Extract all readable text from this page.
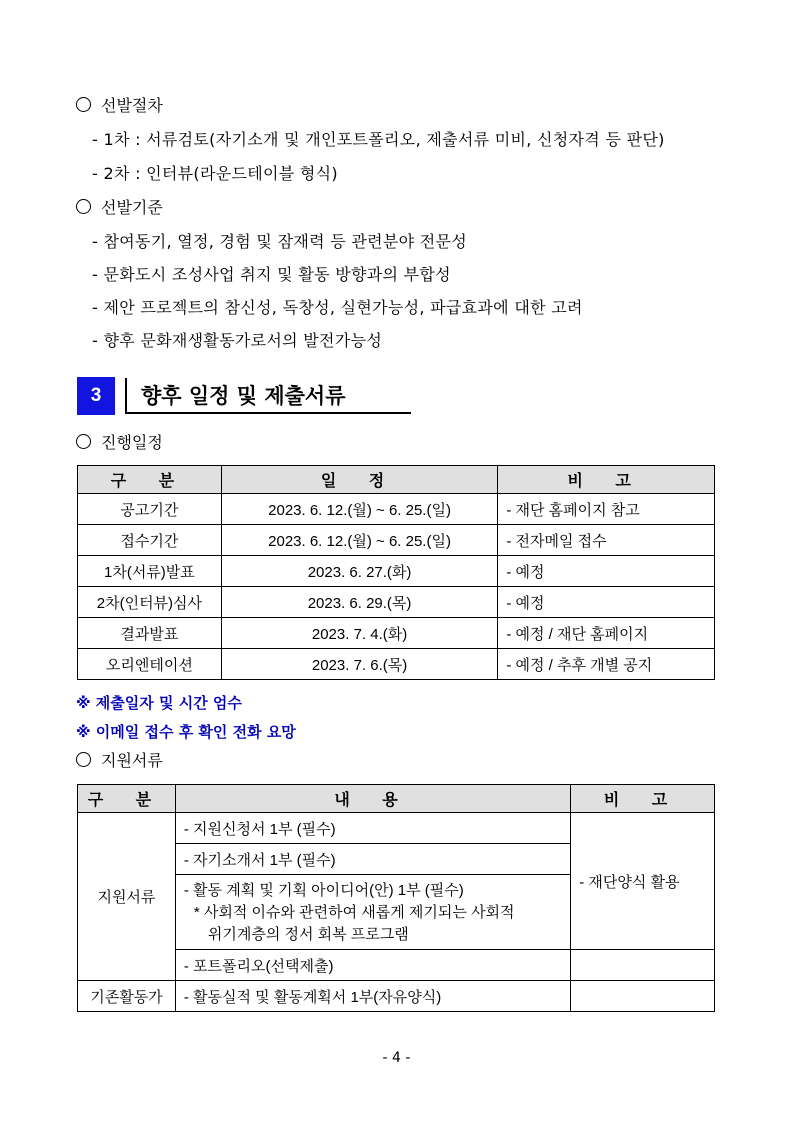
선발절차
- 1차 : 서류검토(자기소개 및 개인포트폴리오, 제출서류 미비, 신청자격 등 판단)
- 2차 : 인터뷰(라운드테이블 형식)
선발기준
- 참여동기, 열정, 경험 및 잠재력 등 관련분야 전문성
- 문화도시 조성사업 취지 및 활동 방향과의 부합성
- 제안 프로젝트의 참신성, 독창성, 실현가능성, 파급효과에 대한 고려
- 향후 문화재생활동가로서의 발전가능성
3	향후 일정 및 제출서류
진행일정
구 분	일 정	비 고
공고기간	2023. 6. 12.(월) ~ 6. 25.(일)	- 재단 홈페이지 참고
접수기간	2023. 6. 12.(월) ~ 6. 25.(일)	- 전자메일 접수
1차(서류)발표	2023. 6. 27.(화)	- 예정
2차(인터뷰)심사	2023. 6. 29.(목)	- 예정
결과발표	2023. 7. 4.(화)	- 예정 / 재단 홈페이지
오리엔테이션	2023. 7. 6.(목)	- 예정 / 추후 개별 공지
※ 제출일자 및 시간 엄수
※ 이메일 접수 후 확인 전화 요망
지원서류
구 분	내 용	비 고
지원서류	- 지원신청서 1부 (필수)	- 재단양식 활용
	- 자기소개서 1부 (필수)	

	- 활동 계획 및 기획 아이디어(안) 1부 (필수)
* 사회적 이슈와 관련하여 새롭게 제기되는 사회적
위기계층의 정서 회복 프로그램	

	- 포트폴리오(선택제출)	
기존활동가	- 활동실적 및 활동계획서 1부(자유양식)	
- 4 -
